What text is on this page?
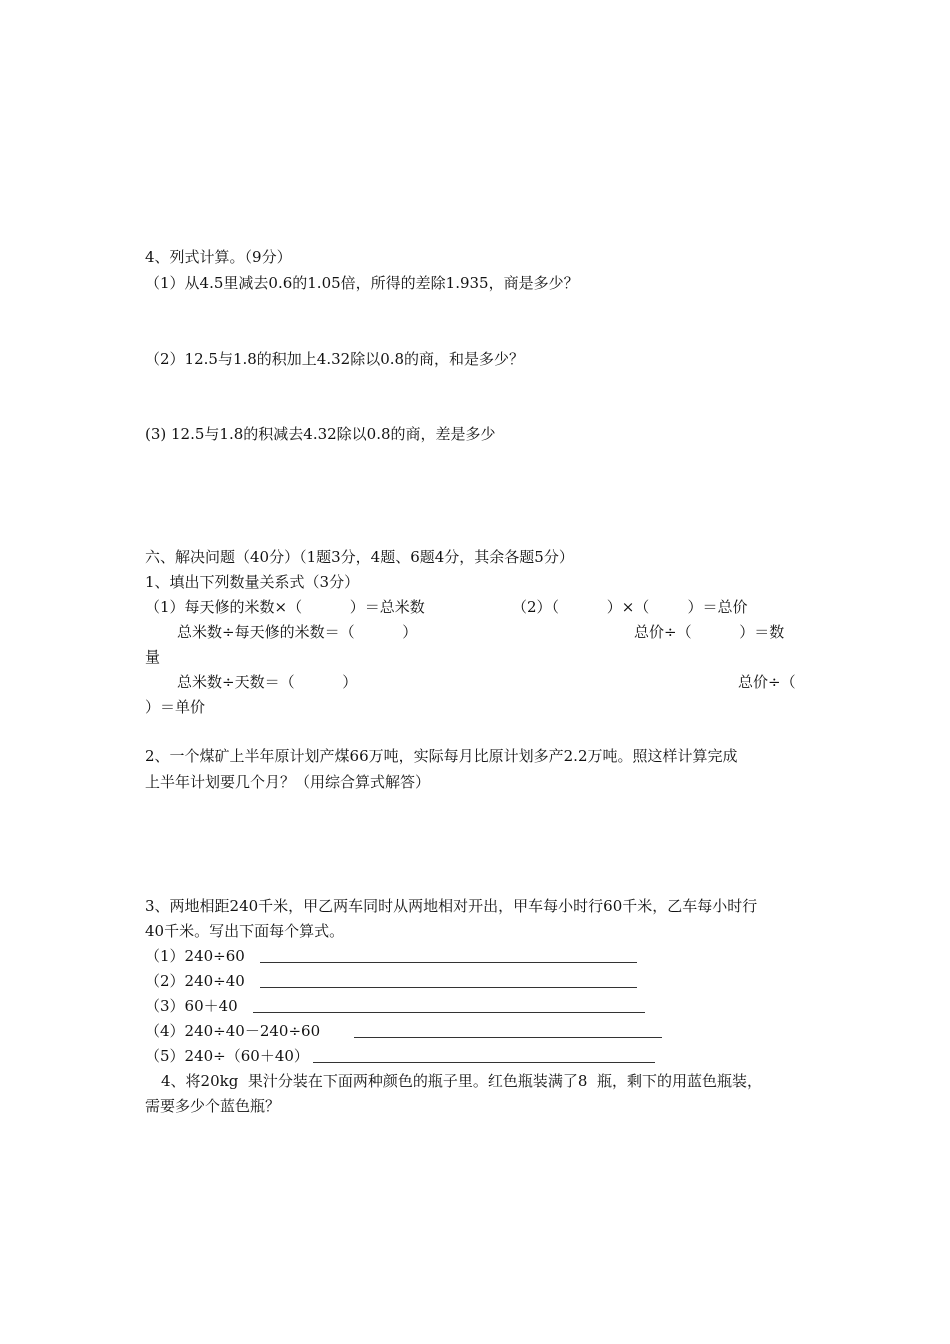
4、列式计算。（9分）

（1）从4.5里减去0.6的1.05倍，所得的差除1.935，商是多少？

（2）12.5与1.8的积加上4.32除以0.8的商，和是多少？

(3) 12.5与1.8的积减去4.32除以0.8的商，差是多少

六、解决问题（40分）（1题3分，4题、6题4分，其余各题5分）

1、填出下列数量关系式（3分）

（1）每天修的米数×（          ）＝总米数	（2）（          ）×（        ）＝总价

总米数÷每天修的米数＝（          ）	总价÷（          ）＝数

量

总米数÷天数＝（          ）	总价÷（

）＝单价

2、一个煤矿上半年原计划产煤66万吨，实际每月比原计划多产2.2万吨。照这样计算完成

上半年计划要几个月？（用综合算式解答）

3、两地相距240千米，甲乙两车同时从两地相对开出，甲车每小时行60千米，乙车每小时行

40千米。写出下面每个算式。

（1）240÷60

（2）240÷40

（3）60＋40

（4）240÷40－240÷60

（5）240÷（60＋40）

4、将20kg  果汁分装在下面两种颜色的瓶子里。红色瓶装满了8  瓶，剩下的用蓝色瓶装，

需要多少个蓝色瓶？
